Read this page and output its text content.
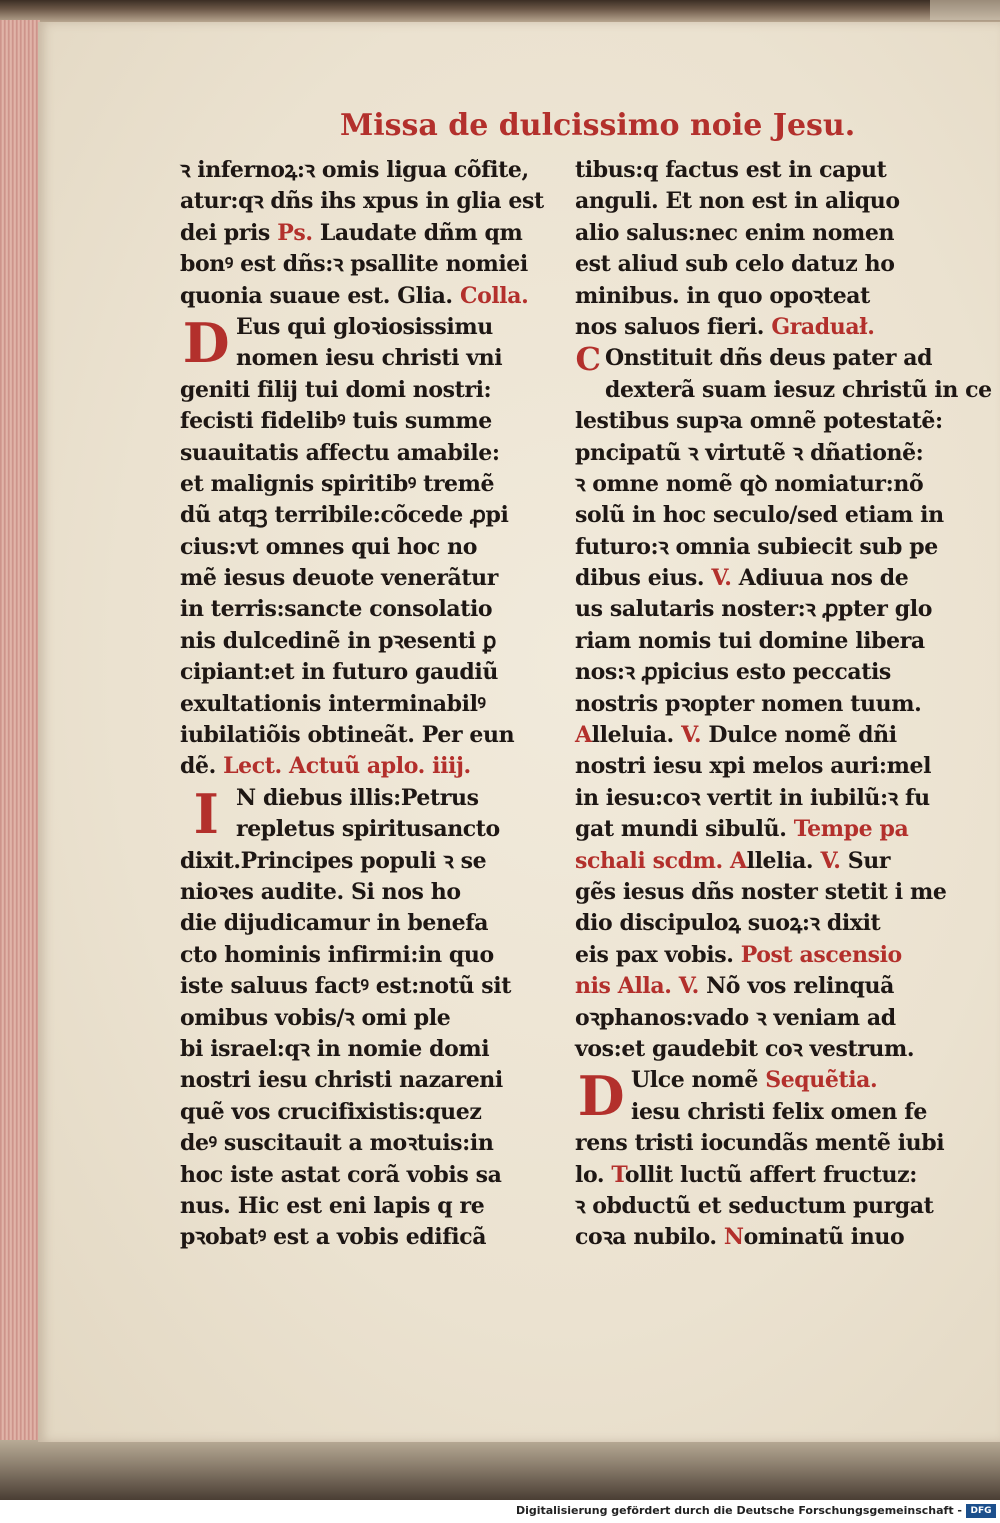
Missa de dulcissimo noie Jesu.
ꝛ infernoꝝ:ꝛ omis ligua cõfite,
atur:qꝛ dñs ihs xpus in glia est
dei pris Ps. Laudate dñm qm
bonꝰ est dñs:ꝛ psallite nomiei
quonia suaue est. Glia. Colla.
D Eus qui gloꝛiosissimu
nomen iesu christi vni
geniti filij tui domi nostri:
fecisti fidelibꝰ tuis summe
suauitatis affectu amabile:
et malignis spiritibꝰ tremẽ
dũ atqꝫ terribile:cõcede ꝓpi
cius:vt omnes qui hoc no
mẽ iesus deuote venerãtur
in terris:sancte consolatio
nis dulcedinẽ in pꝛesenti ꝑ
cipiant:et in futuro gaudiũ
exultationis interminabilꝰ
iubilatiõis obtineãt. Per eun
dẽ. Lect. Actuũ aplo. iiij.
I N diebus illis:Petrus
repletus spiritusancto
dixit.Principes populi ꝛ se
nioꝛes audite. Si nos ho
die dijudicamur in benefa
cto hominis infirmi:in quo
iste saluus factꝰ est:notũ sit
omibus vobis/ꝛ omi ple
bi israel:qꝛ in nomie domi
nostri iesu christi nazareni
quẽ vos crucifixistis:quez
deꝰ suscitauit a moꝛtuis:in
hoc iste astat corã vobis sa
nus. Hic est eni lapis q re
pꝛobatꝰ est a vobis edificã
tibus:q factus est in caput
anguli. Et non est in aliquo
alio salus:nec enim nomen
est aliud sub celo datuz ho
minibus. in quo opoꝛteat
nos saluos fieri. Graduał.
C Onstituit dñs deus pater ad
dexterã suam iesuz christũ in ce
lestibus supꝛa omnẽ potestatẽ:
pncipatũ ꝛ virtutẽ ꝛ dñationẽ:
ꝛ omne nomẽ qꝺ nomiatur:nõ
solũ in hoc seculo/sed etiam in
futuro:ꝛ omnia subiecit sub pe
dibus eius. V. Adiuua nos de
us salutaris noster:ꝛ ꝓpter glo
riam nomis tui domine libera
nos:ꝛ ꝓpicius esto peccatis
nostris pꝛopter nomen tuum.
Alleluia. V. Dulce nomẽ dñi
nostri iesu xpi melos auri:mel
in iesu:coꝛ vertit in iubilũ:ꝛ fu
gat mundi sibulũ. Tempe pa
schali scdm. Allelia. V. Sur
gẽs iesus dñs noster stetit i me
dio discipuloꝝ suoꝝ:ꝛ dixit
eis pax vobis. Post ascensio
nis Alla. V. Nõ vos relinquã
oꝛphanos:vado ꝛ veniam ad
vos:et gaudebit coꝛ vestrum.
D Ulce nomẽ Sequẽtia.
iesu christi felix omen fe
rens tristi iocundãs mentẽ iubi
lo. Tollit luctũ affert fructuz:
ꝛ obductũ et seductum purgat
coꝛa nubilo. Nominatũ inuo
Digitalisierung gefördert durch die Deutsche Forschungsgemeinschaft - DFG
